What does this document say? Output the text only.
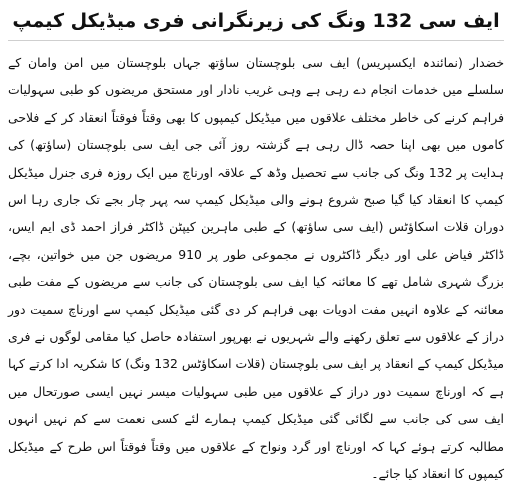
ایف سی 132 ونگ کی زیرنگرانی فری میڈیکل کیمپ

خضدار (نمائندہ ایکسپریس) ایف سی بلوچستان ساؤتھ جہاں بلوچستان میں امن وامان کے سلسلے میں خدمات انجام دے رہی ہے وہی غریب نادار اور مستحق مریضوں کو طبی سہولیات فراہم کرنے کی خاطر مختلف علاقوں میں میڈیکل کیمپوں کا بھی وقتاً فوقتاً انعقاد کر کے فلاحی کاموں میں بھی اپنا حصہ ڈال رہی ہے گزشتہ روز آئی جی ایف سی بلوچستان (ساؤتھ) کی ہدایت پر 132 ونگ کی جانب سے تحصیل وڈھ کے علاقہ اورناچ میں ایک روزہ فری جنرل میڈیکل کیمپ کا انعقاد کیا گیا صبح شروع ہونے والی میڈیکل کیمپ سہ پہر چار بجے تک جاری رہا اس دوران قلات اسکاؤٹس (ایف سی ساؤتھ) کے طبی ماہرین کیپٹن ڈاکٹر فراز احمد ڈی ایم ایس، ڈاکٹر فیاض علی اور دیگر ڈاکٹروں نے مجموعی طور پر 910 مریضوں جن میں خواتین، بچے، بزرگ شہری شامل تھے کا معائنہ کیا ایف سی بلوچستان کی جانب سے مریضوں کے مفت طبی معائنہ کے علاوہ انہیں مفت ادویات بھی فراہم کر دی گئی میڈیکل کیمپ سے اورناچ سمیت دور دراز کے علاقوں سے تعلق رکھنے والے شہریوں نے بھرپور استفادہ حاصل کیا مقامی لوگوں نے فری میڈیکل کیمپ کے انعقاد پر ایف سی بلوچستان (قلات اسکاؤٹس 132 ونگ) کا شکریہ ادا کرتے کہا ہے کہ اورناچ سمیت دور دراز کے علاقوں میں طبی سہولیات میسر نہیں ایسی صورتحال میں ایف سی کی جانب سے لگائی گئی میڈیکل کیمپ ہمارے لئے کسی نعمت سے کم نہیں انہوں مطالبہ کرتے ہوئے کہا کہ اورناچ اور گرد ونواح کے علاقوں میں وقتاً فوقتاً اس طرح کے میڈیکل کیمپوں کا انعقاد کیا جائے۔
